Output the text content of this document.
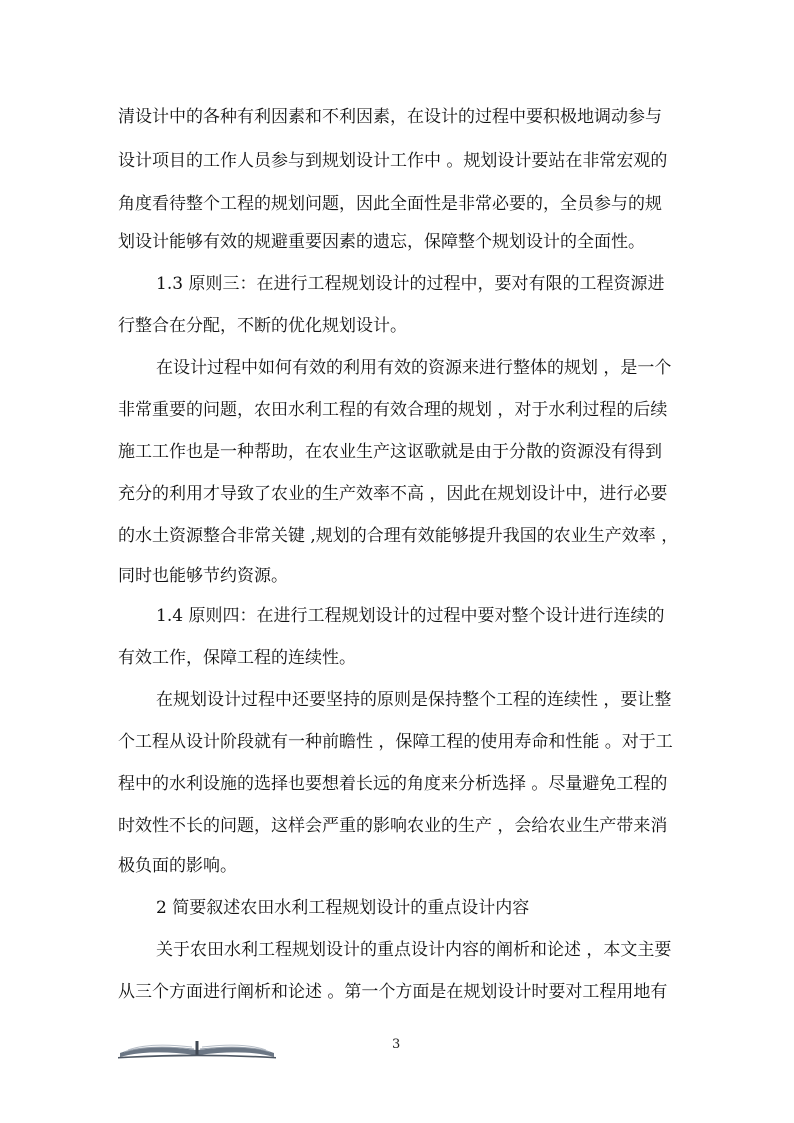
清设计中的各种有利因素和不利因素，在设计的过程中要积极地调动参与
设计项目的工作人员参与到规划设计工作中 。规划设计要站在非常宏观的
角度看待整个工程的规划问题，因此全面性是非常必要的，全员参与的规
划设计能够有效的规避重要因素的遗忘，保障整个规划设计的全面性。
1.3 原则三：在进行工程规划设计的过程中，要对有限的工程资源进
行整合在分配，不断的优化规划设计。
在设计过程中如何有效的利用有效的资源来进行整体的规划 ，是一个
非常重要的问题，农田水利工程的有效合理的规划 ，对于水利过程的后续
施工工作也是一种帮助，在农业生产这讴歌就是由于分散的资源没有得到
充分的利用才导致了农业的生产效率不高 ，因此在规划设计中，进行必要
的水土资源整合非常关键 ,规划的合理有效能够提升我国的农业生产效率 ，
同时也能够节约资源。
1.4 原则四：在进行工程规划设计的过程中要对整个设计进行连续的
有效工作，保障工程的连续性。
在规划设计过程中还要坚持的原则是保持整个工程的连续性 ，要让整
个工程从设计阶段就有一种前瞻性 ，保障工程的使用寿命和性能 。对于工
程中的水利设施的选择也要想着长远的角度来分析选择 。尽量避免工程的
时效性不长的问题，这样会严重的影响农业的生产 ，会给农业生产带来消
极负面的影响。
2 简要叙述农田水利工程规划设计的重点设计内容
关于农田水利工程规划设计的重点设计内容的阐析和论述 ，本文主要
从三个方面进行阐析和论述 。第一个方面是在规划设计时要对工程用地有
3
